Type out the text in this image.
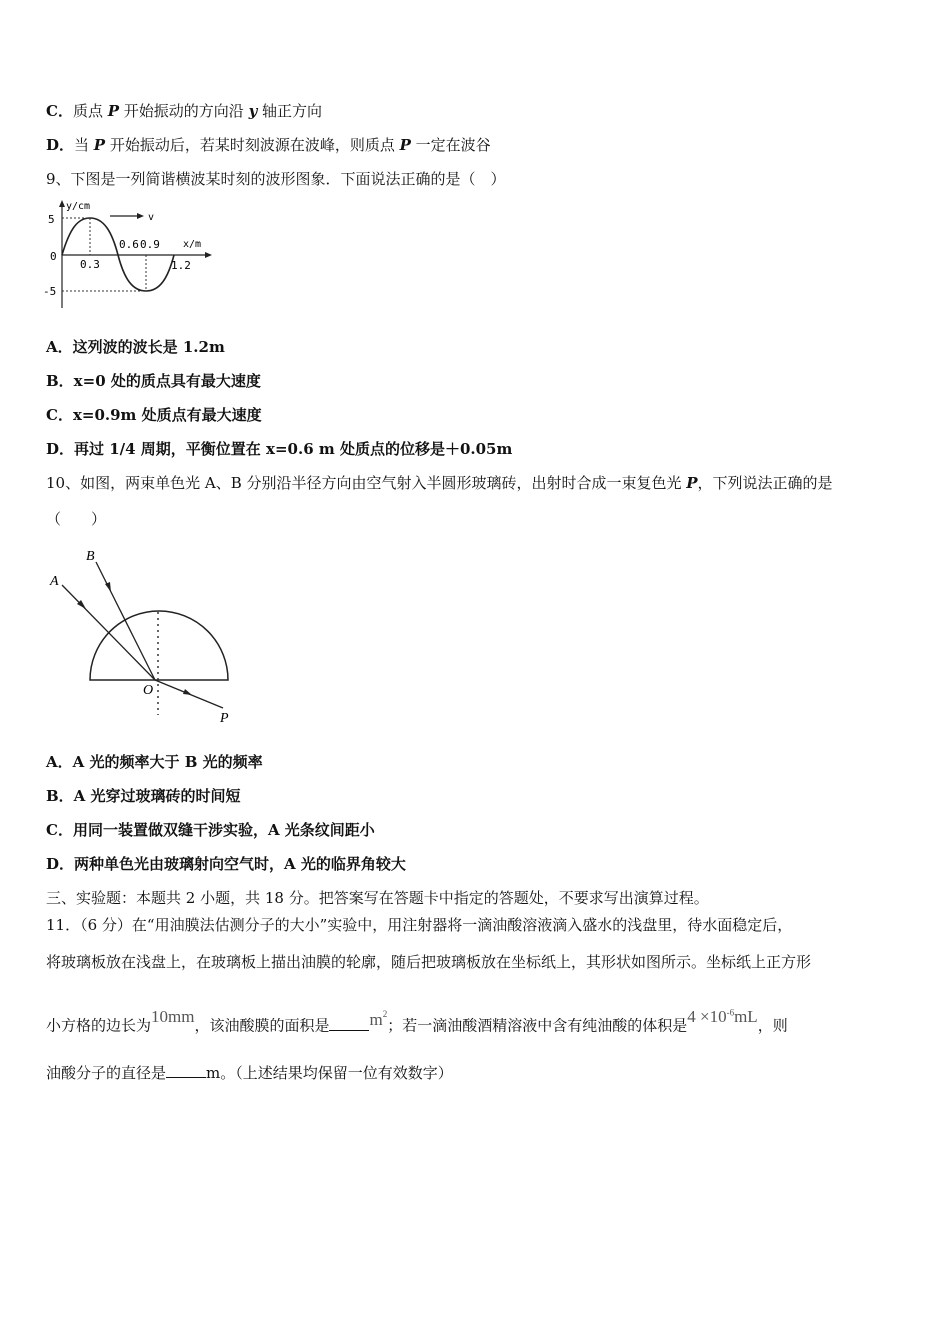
C．质点 P 开始振动的方向沿 y 轴正方向
D．当 P 开始振动后，若某时刻波源在波峰，则质点 P 一定在波谷
9、下图是一列简谐横波某时刻的波形图象．下面说法正确的是（　）
y/cm
v
x/m
5
0
-5
0.3
0.6 0.9
1.2
A．这列波的波长是 1.2m
B．x=0 处的质点具有最大速度
C．x=0.9m 处质点有最大速度
D．再过 1/4 周期，平衡位置在 x=0.6 m 处质点的位移是＋0.05m
10、如图，两束单色光 A、B 分别沿半径方向由空气射入半圆形玻璃砖，出射时合成一束复色光 P，下列说法正确的是
（　　）
A
B
O
P
A．A 光的频率大于 B 光的频率
B．A 光穿过玻璃砖的时间短
C．用同一装置做双缝干涉实验，A 光条纹间距小
D．两种单色光由玻璃射向空气时，A 光的临界角较大
三、实验题：本题共 2 小题，共 18 分。把答案写在答题卡中指定的答题处，不要求写出演算过程。
11．（6 分）在“用油膜法估测分子的大小”实验中，用注射器将一滴油酸溶液滴入盛水的浅盘里，待水面稳定后，
将玻璃板放在浅盘上，在玻璃板上描出油膜的轮廓，随后把玻璃板放在坐标纸上，其形状如图所示。坐标纸上正方形
小方格的边长为10mm，该油酸膜的面积是 $m^2$；若一滴油酸酒精溶液中含有纯油酸的体积是$4 \times 10^{-6}mL$，则
油酸分子的直径是	m。（上述结果均保留一位有效数字）
